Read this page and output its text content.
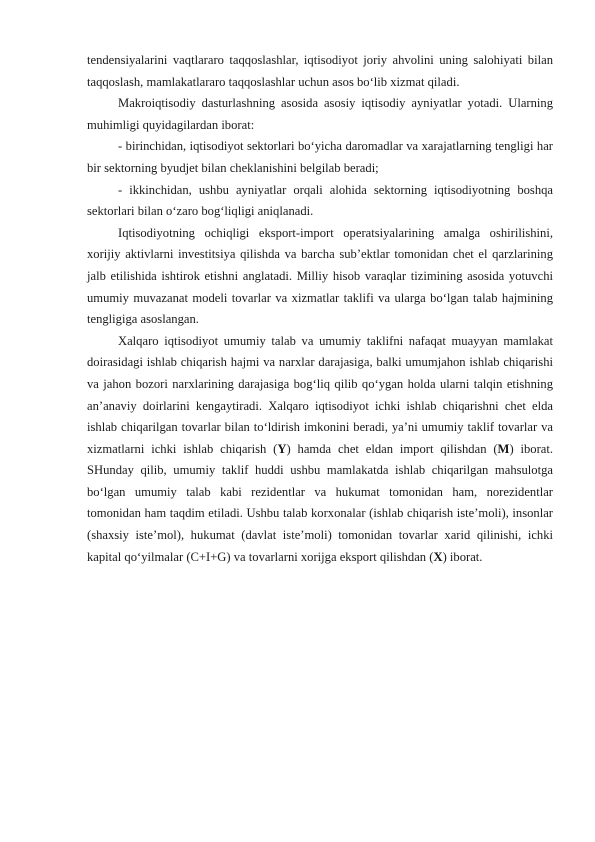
tendensiyalarini vaqtlararo taqqoslashlar, iqtisodiyot joriy ahvolini uning salohiyati bilan taqqoslash, mamlakatlararo taqqoslashlar uchun asos bo‘lib xizmat qiladi.

Makroiqtisodiy dasturlashning asosida asosiy iqtisodiy ayniyatlar yotadi. Ularning muhimligi quyidagilardan iborat:

- birinchidan, iqtisodiyot sektorlari bo‘yicha daromadlar va xarajatlarning tengligi har bir sektorning byudjet bilan cheklanishini belgilab beradi;

- ikkinchidan, ushbu ayniyatlar orqali alohida sektorning iqtisodiyotning boshqa sektorlari bilan o‘zaro bog‘liqligi aniqlanadi.

Iqtisodiyotning ochiqligi eksport-import operatsiyalarining amalga oshirilishini, xorijiy aktivlarni investitsiya qilishda va barcha sub’ektlar tomonidan chet el qarzlarining jalb etilishida ishtirok etishni anglatadi. Milliy hisob varaqlar tizimining asosida yotuvchi umumiy muvazanat modeli tovarlar va xizmatlar taklifi va ularga bo‘lgan talab hajmining tengligiga asoslangan.

Xalqaro iqtisodiyot umumiy talab va umumiy taklifni nafaqat muayyan mamlakat doirasidagi ishlab chiqarish hajmi va narxlar darajasiga, balki umumjahon ishlab chiqarishi va jahon bozori narxlarining darajasiga bog‘liq qilib qo‘ygan holda ularni talqin etishning an’anaviy doirlarini kengaytiradi. Xalqaro iqtisodiyot ichki ishlab chiqarishni chet elda ishlab chiqarilgan tovarlar bilan to‘ldirish imkonini beradi, ya’ni umumiy taklif tovarlar va xizmatlarni ichki ishlab chiqarish (Y) hamda chet eldan import qilishdan (M) iborat. SHunday qilib, umumiy taklif huddi ushbu mamlakatda ishlab chiqarilgan mahsulotga bo‘lgan umumiy talab kabi rezidentlar va hukumat tomonidan ham, norezidentlar tomonidan ham taqdim etiladi. Ushbu talab korxonalar (ishlab chiqarish iste’moli), insonlar (shaxsiy iste’mol), hukumat (davlat iste’moli) tomonidan tovarlar xarid qilinishi, ichki kapital qo‘yilmalar (C+I+G) va tovarlarni xorijga eksport qilishdan (X) iborat.
